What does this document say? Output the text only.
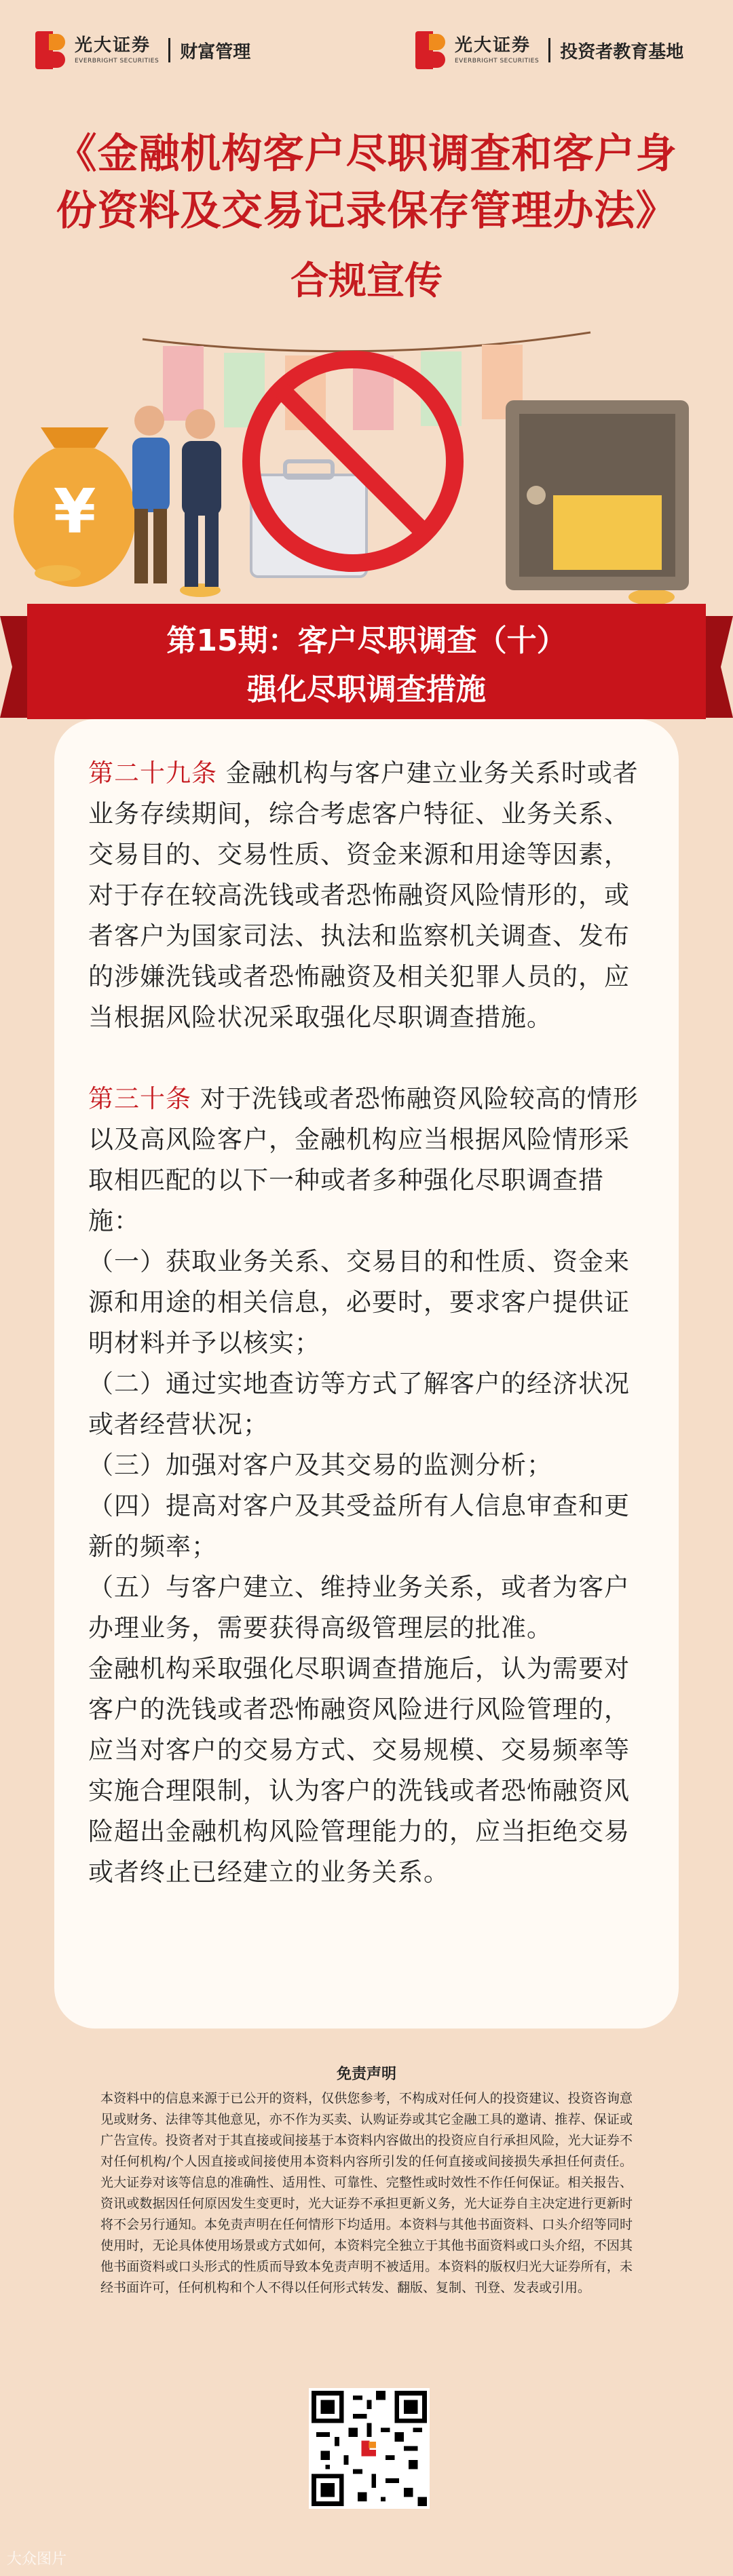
光大证券
EVERBRIGHT SECURITIES 财富管理	光大证券
EVERBRIGHT SECURITIES 投资者教育基地
《金融机构客户尽职调查和客户身
份资料及交易记录保存管理办法》
合规宣传
¥
第15期：客户尽职调查（十）
强化尽职调查措施

第二十九条 金融机构与客户建立业务关系时或者业务存续期间，综合考虑客户特征、业务关系、交易目的、交易性质、资金来源和用途等因素，对于存在较高洗钱或者恐怖融资风险情形的，或者客户为国家司法、执法和监察机关调查、发布的涉嫌洗钱或者恐怖融资及相关犯罪人员的，应当根据风险状况采取强化尽职调查措施。

第三十条 对于洗钱或者恐怖融资风险较高的情形以及高风险客户，金融机构应当根据风险情形采取相匹配的以下一种或者多种强化尽职调查措施：

（一）获取业务关系、交易目的和性质、资金来源和用途的相关信息，必要时，要求客户提供证明材料并予以核实；

（二）通过实地查访等方式了解客户的经济状况或者经营状况；

（三）加强对客户及其交易的监测分析；

（四）提高对客户及其受益所有人信息审查和更新的频率；

（五）与客户建立、维持业务关系，或者为客户办理业务，需要获得高级管理层的批准。

金融机构采取强化尽职调查措施后，认为需要对客户的洗钱或者恐怖融资风险进行风险管理的，应当对客户的交易方式、交易规模、交易频率等实施合理限制，认为客户的洗钱或者恐怖融资风险超出金融机构风险管理能力的，应当拒绝交易或者终止已经建立的业务关系。

免责声明
本资料中的信息来源于已公开的资料，仅供您参考，不构成对任何人的投资建议、投资咨询意见或财务、法律等其他意见，亦不作为买卖、认购证券或其它金融工具的邀请、推荐、保证或广告宣传。投资者对于其直接或间接基于本资料内容做出的投资应自行承担风险，光大证券不对任何机构/个人因直接或间接使用本资料内容所引发的任何直接或间接损失承担任何责任。光大证券对该等信息的准确性、适用性、可靠性、完整性或时效性不作任何保证。相关报告、资讯或数据因任何原因发生变更时，光大证券不承担更新义务，光大证券自主决定进行更新时将不会另行通知。本免责声明在任何情形下均适用。本资料与其他书面资料、口头介绍等同时使用时，无论具体使用场景或方式如何，本资料完全独立于其他书面资料或口头介绍，不因其他书面资料或口头形式的性质而导致本免责声明不被适用。本资料的版权归光大证券所有，未经书面许可，任何机构和个人不得以任何形式转发、翻版、复制、刊登、发表或引用。
大众图片
